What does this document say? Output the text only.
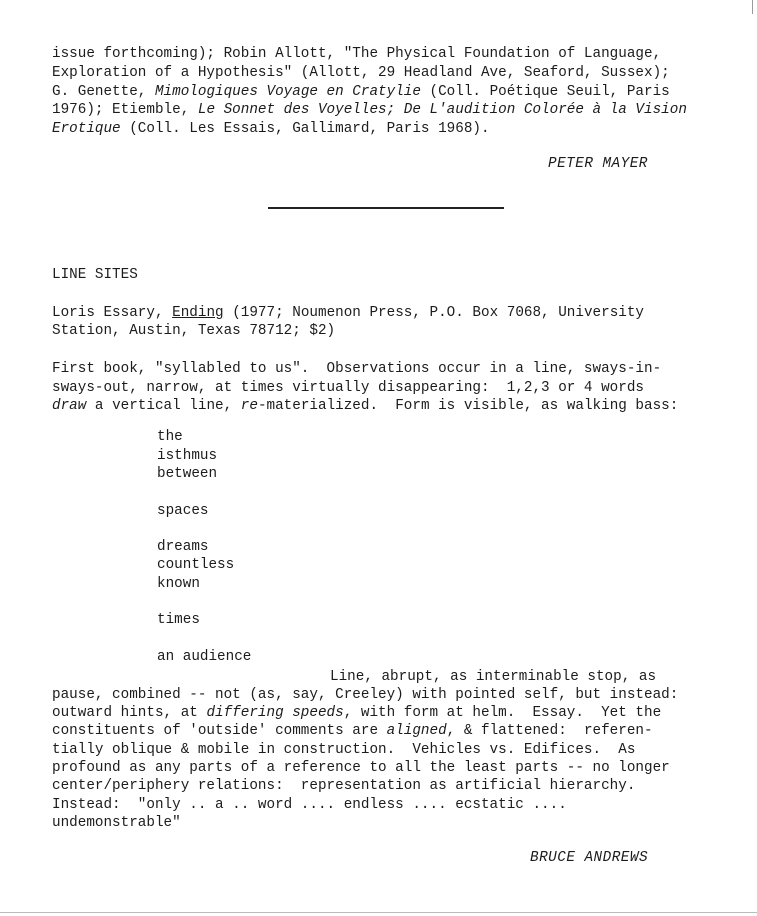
issue forthcoming); Robin Allott, "The Physical Foundation of Language,
Exploration of a Hypothesis" (Allott, 29 Headland Ave, Seaford, Sussex);
G. Genette, Mimologiques Voyage en Cratylie (Coll. Poétique Seuil, Paris
1976); Etiemble, Le Sonnet des Voyelles; De L'audition Colorée à la Vision
Erotique (Coll. Les Essais, Gallimard, Paris 1968).
PETER MAYER
LINE SITES
Loris Essary, Ending (1977; Noumenon Press, P.O. Box 7068, University
Station, Austin, Texas 78712; $2)
First book, "syllabled to us".  Observations occur in a line, sways-in-
sways-out, narrow, at times virtually disappearing:  1,2,3 or 4 words
draw a vertical line, re-materialized.  Form is visible, as walking bass:
the
isthmus
between
spaces
dreams
countless
known
times
an audience
Line, abrupt, as interminable stop, as
pause, combined -- not (as, say, Creeley) with pointed self, but instead:
outward hints, at differing speeds, with form at helm.  Essay.  Yet the
constituents of 'outside' comments are aligned, & flattened:  referen-
tially oblique & mobile in construction.  Vehicles vs. Edifices.  As
profound as any parts of a reference to all the least parts -- no longer
center/periphery relations:  representation as artificial hierarchy.
Instead:  "only .. a .. word .... endless .... ecstatic ....
undemonstrable"
BRUCE ANDREWS
